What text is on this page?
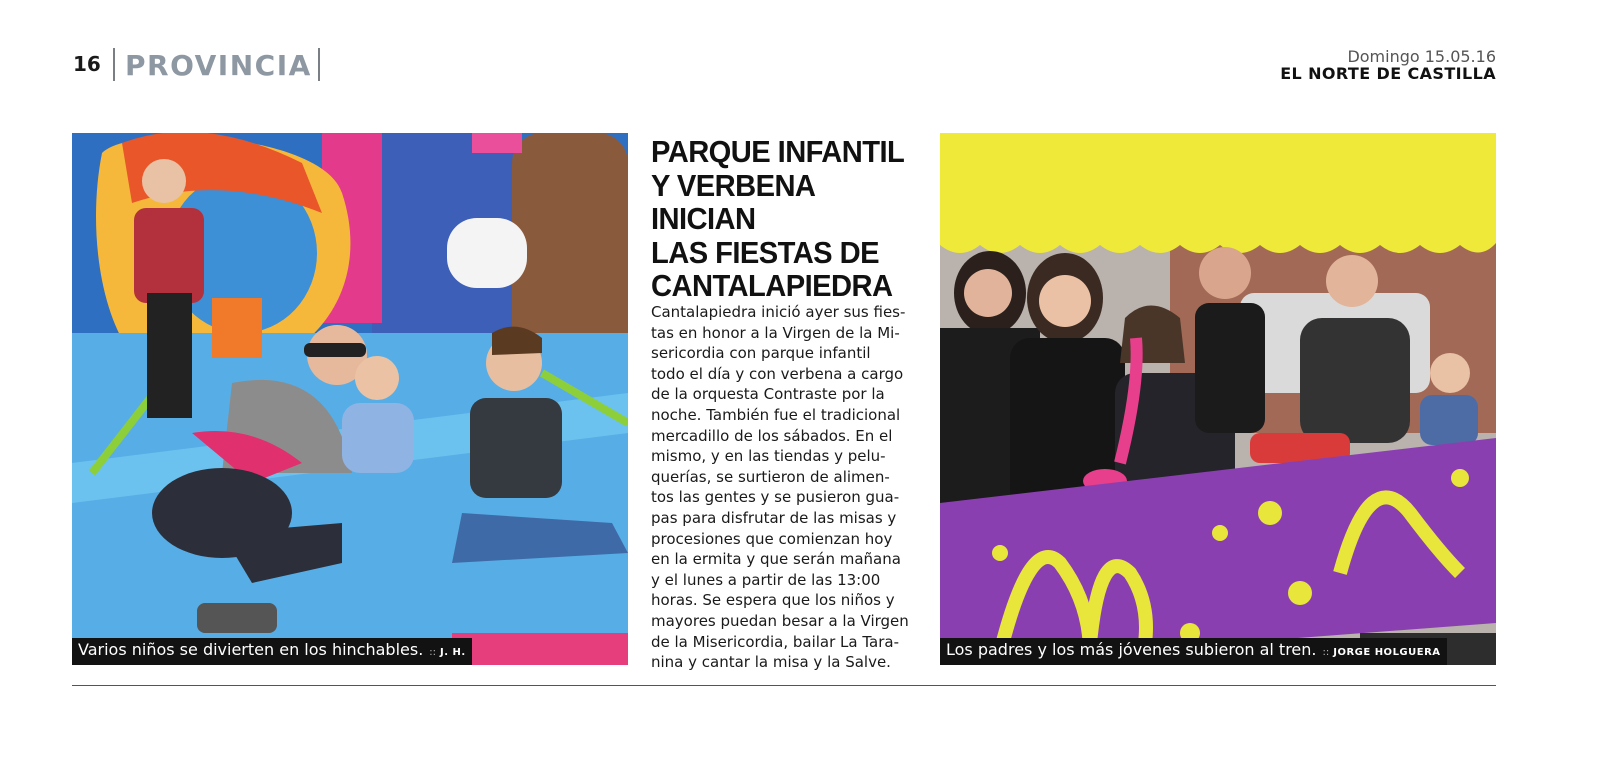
16 PROVINCIA	Domingo 15.05.16
EL NORTE DE CASTILLA
Varios niños se divierten en los hinchables. :: J. H.
PARQUE INFANTIL
Y VERBENA INICIAN
LAS FIESTAS DE
CANTALAPIEDRA
Cantalapiedra inició ayer sus fies-
tas en honor a la Virgen de la Mi-
sericordia con parque infantil
todo el día y con verbena a cargo
de la orquesta Contraste por la
noche. También fue el tradicional
mercadillo de los sábados. En el
mismo, y en las tiendas y pelu-
querías, se surtieron de alimen-
tos las gentes y se pusieron gua-
pas para disfrutar de las misas y
procesiones que comienzan hoy
en la ermita y que serán mañana
y el lunes a partir de las 13:00
horas. Se espera que los niños y
mayores puedan besar a la Virgen
de la Misericordia, bailar La Tara-
nina y cantar la misa y la Salve.
Los padres y los más jóvenes subieron al tren. :: JORGE HOLGUERA
